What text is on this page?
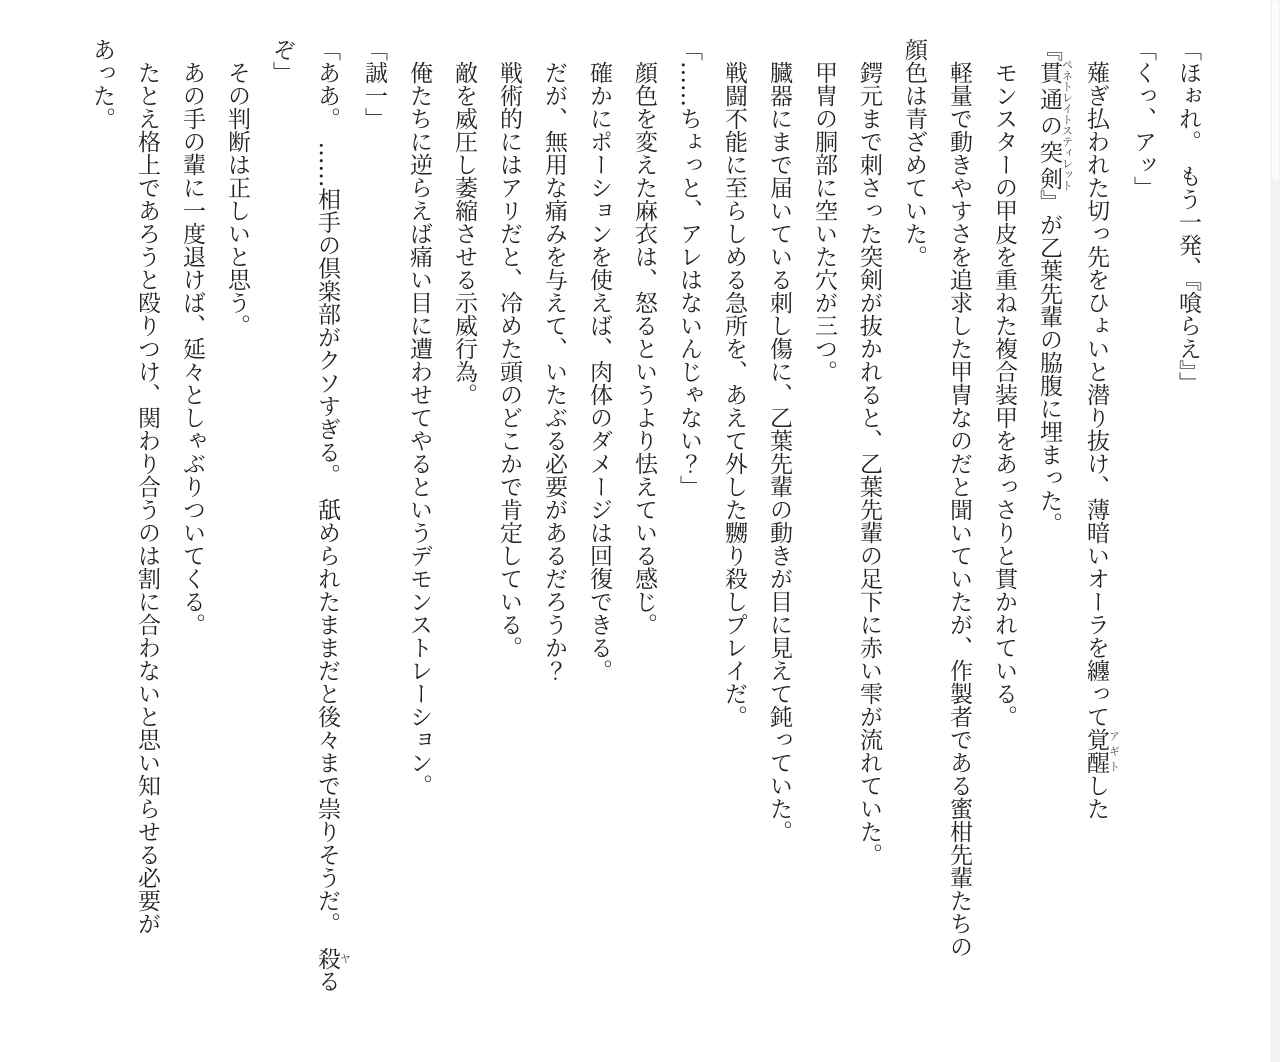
「ほぉれ。　もう一発、『喰らえ』」

「くっ、アッ」

薙ぎ払われた切っ先をひょいと潜り抜け、薄暗いオーラを纏って覚醒アギトした

『貫通の突剣ペネトレイトスティレット』が乙葉先輩の脇腹に埋まった。

モンスターの甲皮を重ねた複合装甲をあっさりと貫かれている。

軽量で動きやすさを追求した甲冑なのだと聞いていたが、作製者である蜜柑先輩たちの

顔色は青ざめていた。

鍔元まで刺さった突剣が抜かれると、乙葉先輩の足下に赤い雫が流れていた。

甲冑の胴部に空いた穴が三つ。

臓器にまで届いている刺し傷に、乙葉先輩の動きが目に見えて鈍っていた。

戦闘不能に至らしめる急所を、あえて外した嬲り殺しプレイだ。

「……ちょっと、アレはないんじゃない？」

顔色を変えた麻衣は、怒るというより怯えている感じ。

確かにポーションを使えば、肉体のダメージは回復できる。

だが、無用な痛みを与えて、いたぶる必要があるだろうか？

戦術的にはアリだと、冷めた頭のどこかで肯定している。

敵を威圧し萎縮させる示威行為。

俺たちに逆らえば痛い目に遭わせてやるというデモンストレーション。

「誠一」

「ああ。　……相手の倶楽部がクソすぎる。　舐められたままだと後々まで祟りそうだ。　殺ヤる

ぞ」

その判断は正しいと思う。

あの手の輩に一度退けば、延々としゃぶりついてくる。

たとえ格上であろうと殴りつけ、関わり合うのは割に合わないと思い知らせる必要が

あった。
